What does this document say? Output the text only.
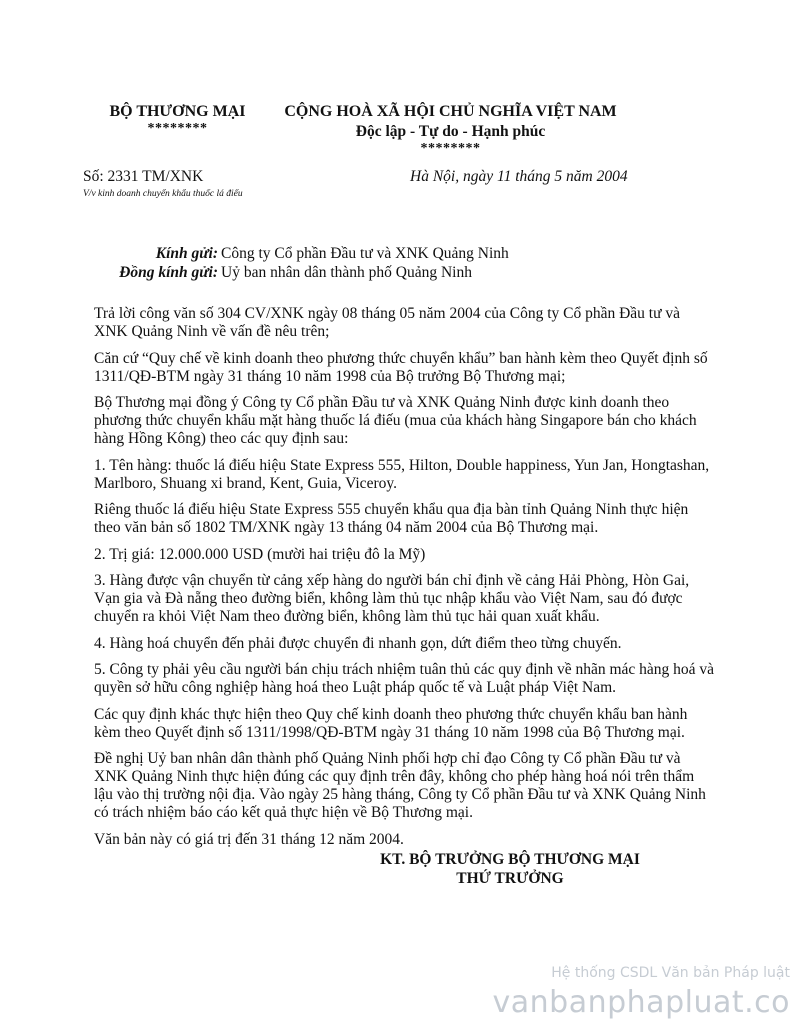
BỘ THƯƠNG MẠI
********
CỘNG HOÀ XÃ HỘI CHỦ NGHĨA VIỆT NAM
Độc lập - Tự do - Hạnh phúc
********
Số: 2331 TM/XNK
V/v kinh doanh chuyển khẩu thuốc lá điếu
Hà Nội, ngày 11 tháng 5 năm 2004
Kính gửi: Công ty Cổ phần Đầu tư và XNK Quảng Ninh
Đồng kính gửi: Uỷ ban nhân dân thành phố Quảng Ninh

Trả lời công văn số 304 CV/XNK ngày 08 tháng 05 năm 2004 của Công ty Cổ phần Đầu tư và XNK Quảng Ninh về vấn đề nêu trên;

Căn cứ “Quy chế về kinh doanh theo phương thức chuyển khẩu” ban hành kèm theo Quyết định số 1311/QĐ-BTM ngày 31 tháng 10 năm 1998 của Bộ trưởng Bộ Thương mại;

Bộ Thương mại đồng ý Công ty Cổ phần Đầu tư và XNK Quảng Ninh được kinh doanh theo phương thức chuyển khẩu mặt hàng thuốc lá điếu (mua của khách hàng Singapore bán cho khách hàng Hồng Kông) theo các quy định sau:

1. Tên hàng: thuốc lá điếu hiệu State Express 555, Hilton, Double happiness, Yun Jan, Hongtashan, Marlboro, Shuang xi brand, Kent, Guia, Viceroy.

Riêng thuốc lá điếu hiệu State Express 555 chuyển khẩu qua địa bàn tỉnh Quảng Ninh thực hiện theo văn bản số 1802 TM/XNK ngày 13 tháng 04 năm 2004 của Bộ Thương mại.

2. Trị giá: 12.000.000 USD (mười hai triệu đô la Mỹ)

3. Hàng được vận chuyển từ cảng xếp hàng do người bán chỉ định về cảng Hải Phòng, Hòn Gai, Vạn gia và Đà nẵng theo đường biển, không làm thủ tục nhập khẩu vào Việt Nam, sau đó được chuyển ra khỏi Việt Nam theo đường biển, không làm thủ tục hải quan xuất khẩu.

4. Hàng hoá chuyển đến phải được chuyển đi nhanh gọn, dứt điểm theo từng chuyến.

5. Công ty phải yêu cầu người bán chịu trách nhiệm tuân thủ các quy định về nhãn mác hàng hoá và quyền sở hữu công nghiệp hàng hoá theo Luật pháp quốc tế và Luật pháp Việt Nam.

Các quy định khác thực hiện theo Quy chế kinh doanh theo phương thức chuyển khẩu ban hành kèm theo Quyết định số 1311/1998/QĐ-BTM ngày 31 tháng 10 năm 1998 của Bộ Thương mại.

Đề nghị Uỷ ban nhân dân thành phố Quảng Ninh phối hợp chỉ đạo Công ty Cổ phần Đầu tư và XNK Quảng Ninh thực hiện đúng các quy định trên đây, không cho phép hàng hoá nói trên thẩm lậu vào thị trường nội địa. Vào ngày 25 hàng tháng, Công ty Cổ phần Đầu tư và XNK Quảng Ninh có trách nhiệm báo cáo kết quả thực hiện về Bộ Thương mại.

Văn bản này có giá trị đến 31 tháng 12 năm 2004.

KT. BỘ TRƯỞNG BỘ THƯƠNG MẠI
THỨ TRƯỞNG
Hệ thống CSDL Văn bản Pháp luật
vanbanphapluat.co
